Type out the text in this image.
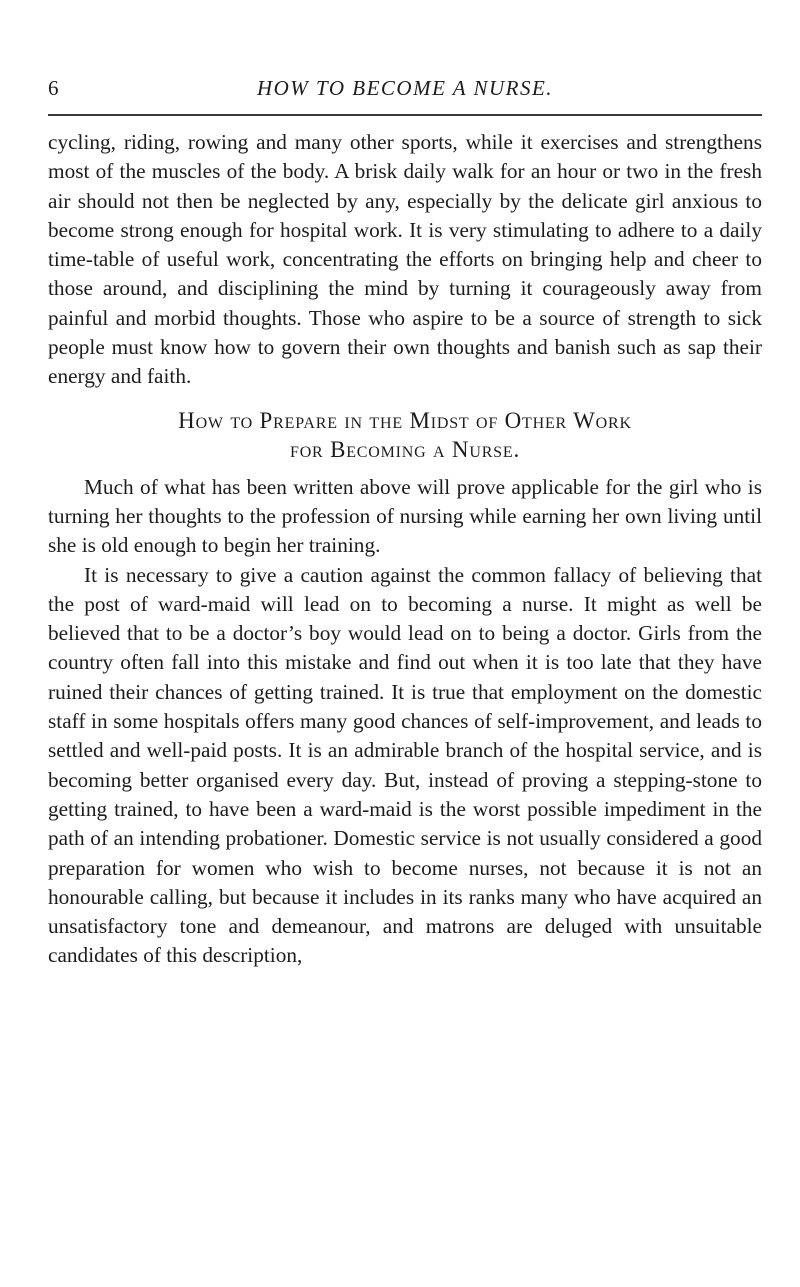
6	HOW TO BECOME A NURSE.

cycling, riding, rowing and many other sports, while it exercises and strengthens most of the muscles of the body. A brisk daily walk for an hour or two in the fresh air should not then be neglected by any, especially by the delicate girl anxious to become strong enough for hospital work. It is very stimulating to adhere to a daily time-table of useful work, concentrating the efforts on bringing help and cheer to those around, and disciplining the mind by turning it courageously away from painful and morbid thoughts. Those who aspire to be a source of strength to sick people must know how to govern their own thoughts and banish such as sap their energy and faith.

How to Prepare in the Midst of Other Work
for Becoming a Nurse.

Much of what has been written above will prove applicable for the girl who is turning her thoughts to the profession of nursing while earning her own living until she is old enough to begin her training.

It is necessary to give a caution against the common fallacy of believing that the post of ward-maid will lead on to becoming a nurse. It might as well be believed that to be a doctor’s boy would lead on to being a doctor. Girls from the country often fall into this mistake and find out when it is too late that they have ruined their chances of getting trained. It is true that employment on the domestic staff in some hospitals offers many good chances of self-improvement, and leads to settled and well-paid posts. It is an admirable branch of the hospital service, and is becoming better organised every day. But, instead of proving a stepping-stone to getting trained, to have been a ward-maid is the worst possible impediment in the path of an intending probationer. Domestic service is not usually considered a good preparation for women who wish to become nurses, not because it is not an honourable calling, but because it includes in its ranks many who have acquired an unsatisfactory tone and demeanour, and matrons are deluged with unsuitable candidates of this description,
